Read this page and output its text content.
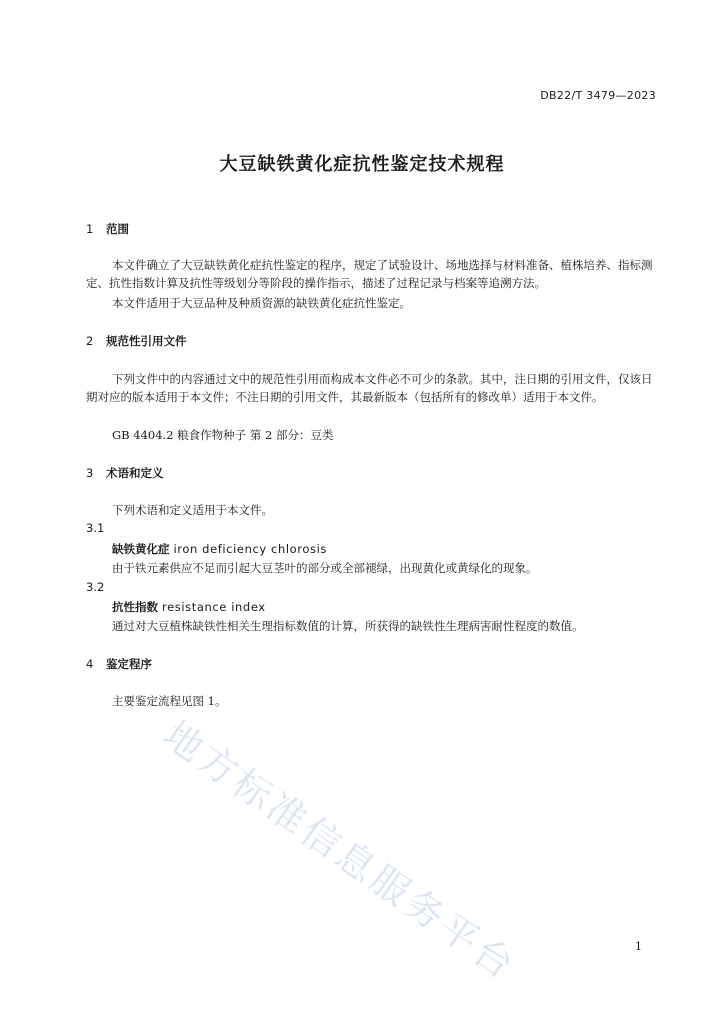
DB22/T 3479—2023
大豆缺铁黄化症抗性鉴定技术规程
1 范围
本文件确立了大豆缺铁黄化症抗性鉴定的程序，规定了试验设计、场地选择与材料准备、植株培养、指标测定、抗性指数计算及抗性等级划分等阶段的操作指示，描述了过程记录与档案等追溯方法。
本文件适用于大豆品种及种质资源的缺铁黄化症抗性鉴定。
2 规范性引用文件
下列文件中的内容通过文中的规范性引用而构成本文件必不可少的条款。其中，注日期的引用文件，仅该日期对应的版本适用于本文件；不注日期的引用文件，其最新版本（包括所有的修改单）适用于本文件。
GB 4404.2 粮食作物种子 第 2 部分：豆类
3 术语和定义
下列术语和定义适用于本文件。
3.1
缺铁黄化症 iron deficiency chlorosis
由于铁元素供应不足而引起大豆茎叶的部分或全部褪绿，出现黄化或黄绿化的现象。
3.2
抗性指数 resistance index
通过对大豆植株缺铁性相关生理指标数值的计算，所获得的缺铁性生理病害耐性程度的数值。
4 鉴定程序
主要鉴定流程见图 1。
地方标准信息服务平台	1
